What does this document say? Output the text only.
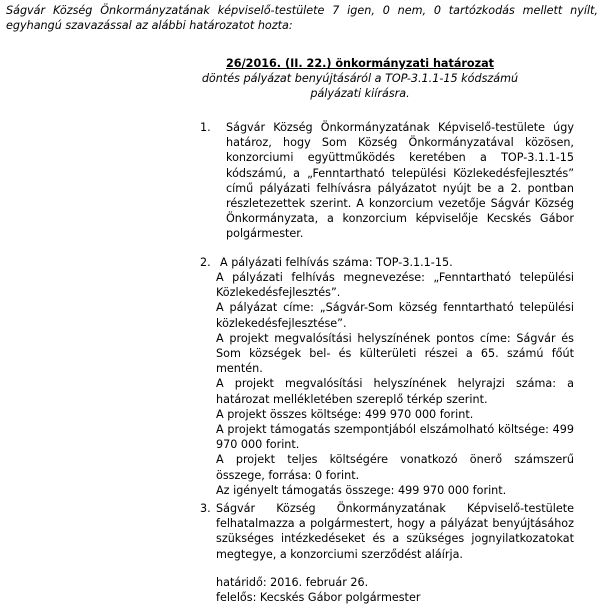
Ságvár Község Önkormányzatának képviselő-testülete 7 igen, 0 nem, 0 tartózkodás mellett nyílt, egyhangú szavazással az alábbi határozatot hozta:
26/2016. (II. 22.) önkormányzati határozat
döntés pályázat benyújtásáról a TOP-3.1.1-15 kódszámú
pályázati kiírásra.
1.	Ságvár Község Önkormányzatának Képviselő-testülete úgy határoz, hogy Som Község Önkormányzatával közösen, konzorciumi együttműködés keretében a TOP-3.1.1-15 kódszámú, a „Fenntartható települési Közlekedésfejlesztés” című pályázati felhívásra pályázatot nyújt be a 2. pontban részletezettek szerint. A konzorcium vezetője Ságvár Község Önkormányzata, a konzorcium képviselője Kecskés Gábor polgármester.
2. A pályázati felhívás száma: TOP-3.1.1-15.

A pályázati felhívás megnevezése: „Fenntartható települési Közlekedésfejlesztés”.

A pályázat címe: „Ságvár-Som község fenntartható települési közlekedésfejlesztése”.

A projekt megvalósítási helyszínének pontos címe: Ságvár és Som községek bel- és külterületi részei a 65. számú főút mentén.

A projekt megvalósítási helyszínének helyrajzi száma: a határozat mellékletében szereplő térkép szerint.

A projekt összes költsége: 499 970 000 forint.

A projekt támogatás szempontjából elszámolható költsége: 499 970 000 forint.

A projekt teljes költségére vonatkozó önerő számszerű összege, forrása: 0 forint.

Az igényelt támogatás összege: 499 970 000 forint.

3. Ságvár Község Önkormányzatának Képviselő-testülete felhatalmazza a polgármestert, hogy a pályázat benyújtásához szükséges intézkedéseket és a szükséges jognyilatkozatokat megtegye, a konzorciumi szerződést aláírja.

határidő: 2016. február 26.

felelős: Kecskés Gábor polgármester
